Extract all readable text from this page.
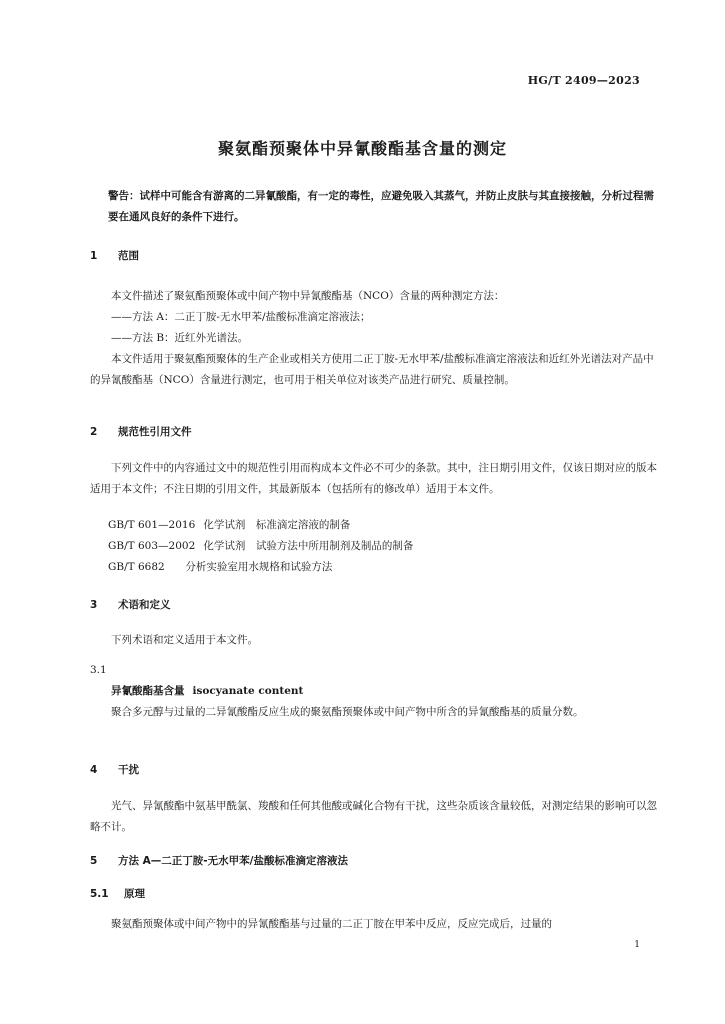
HG/T 2409—2023
聚氨酯预聚体中异氰酸酯基含量的测定
警告：试样中可能含有游离的二异氰酸酯，有一定的毒性，应避免吸入其蒸气，并防止皮肤与其直接接触，分析过程需要在通风良好的条件下进行。
1 范围

本文件描述了聚氨酯预聚体或中间产物中异氰酸酯基（NCO）含量的两种测定方法：

——方法 A：二正丁胺-无水甲苯/盐酸标准滴定溶液法；

——方法 B：近红外光谱法。

本文件适用于聚氨酯预聚体的生产企业或相关方使用二正丁胺-无水甲苯/盐酸标准滴定溶液法和近红外光谱法对产品中的异氰酸酯基（NCO）含量进行测定，也可用于相关单位对该类产品进行研究、质量控制。

2 规范性引用文件

下列文件中的内容通过文中的规范性引用而构成本文件必不可少的条款。其中，注日期引用文件，仅该日期对应的版本适用于本文件；不注日期的引用文件，其最新版本（包括所有的修改单）适用于本文件。

GB/T 601—2016 化学试剂　标准滴定溶液的制备
GB/T 603—2002 化学试剂　试验方法中所用制剂及制品的制备
GB/T 6682 分析实验室用水规格和试验方法
3 术语和定义

下列术语和定义适用于本文件。

3.1

异氰酸酯基含量 isocyanate content

聚合多元醇与过量的二异氰酸酯反应生成的聚氨酯预聚体或中间产物中所含的异氰酸酯基的质量分数。

4 干扰

光气、异氰酸酯中氨基甲酰氯、羧酸和任何其他酸或碱化合物有干扰，这些杂质该含量较低，对测定结果的影响可以忽略不计。

5 方法 A—二正丁胺-无水甲苯/盐酸标准滴定溶液法
5.1 原理

聚氨酯预聚体或中间产物中的异氰酸酯基与过量的二正丁胺在甲苯中反应，反应完成后，过量的

1
